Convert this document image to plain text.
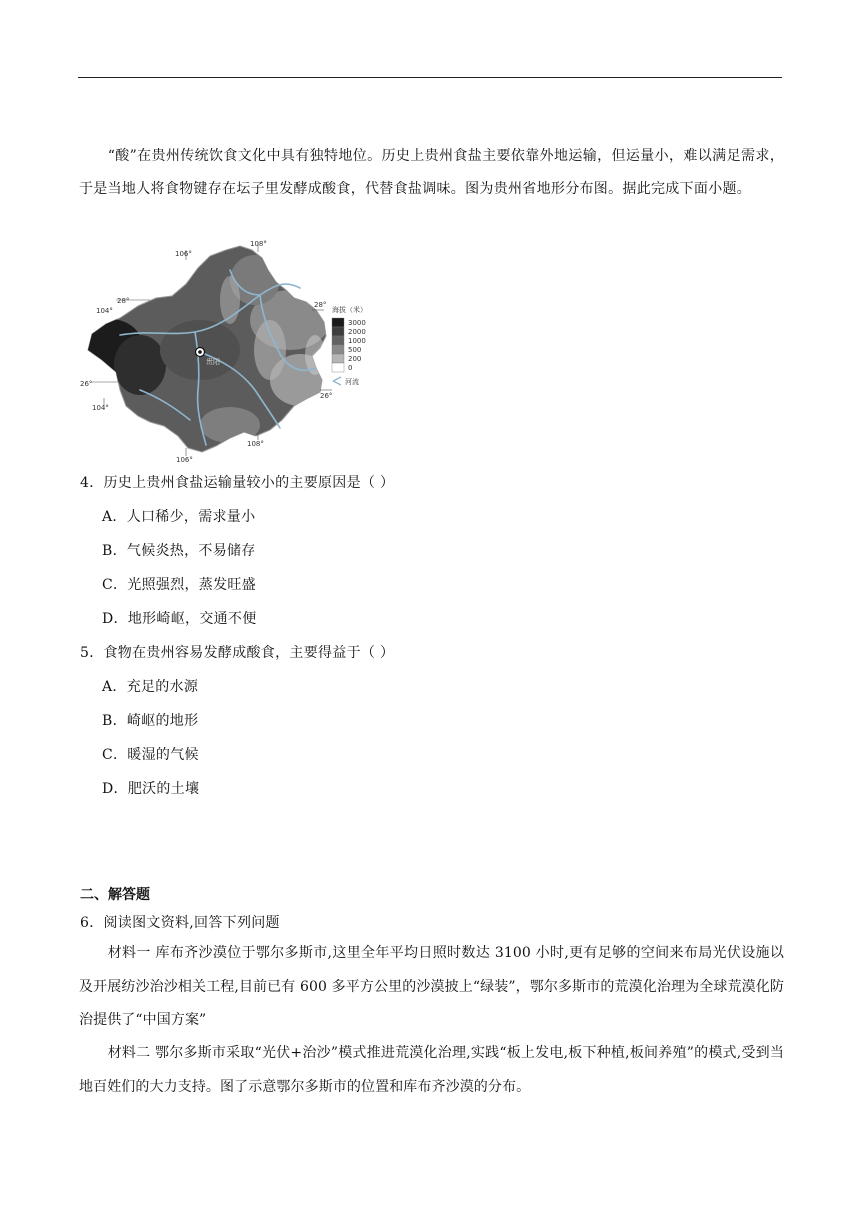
“酸”在贵州传统饮食文化中具有独特地位。历史上贵州食盐主要依靠外地运输，但运量小，难以满足需求，于是当地人将食物键存在坛子里发酵成酸食，代替食盐调味。图为贵州省地形分布图。据此完成下面小题。
贵阳
106°
108°
104°
104°
106°
108°
28°	28°
26°
26°
海拔（米）
3000
2000
1000
500
200
0
河流
4．历史上贵州食盐运输量较小的主要原因是（ ）
A．人口稀少，需求量小
B．气候炎热，不易储存
C．光照强烈，蒸发旺盛
D．地形崎岖，交通不便
5．食物在贵州容易发酵成酸食，主要得益于（ ）
A．充足的水源
B．崎岖的地形
C．暖湿的气候
D．肥沃的土壤
二、解答题
6．阅读图文资料,回答下列问题
材料一 库布齐沙漠位于鄂尔多斯市,这里全年平均日照时数达 3100 小时,更有足够的空间来布局光伏设施以及开展纺沙治沙相关工程,目前已有 600 多平方公里的沙漠披上“绿装”，鄂尔多斯市的荒漠化治理为全球荒漠化防治提供了“中国方案”
材料二 鄂尔多斯市采取“光伏+治沙”模式推进荒漠化治理,实践“板上发电,板下种植,板间养殖”的模式,受到当地百姓们的大力支持。图了示意鄂尔多斯市的位置和库布齐沙漠的分布。
